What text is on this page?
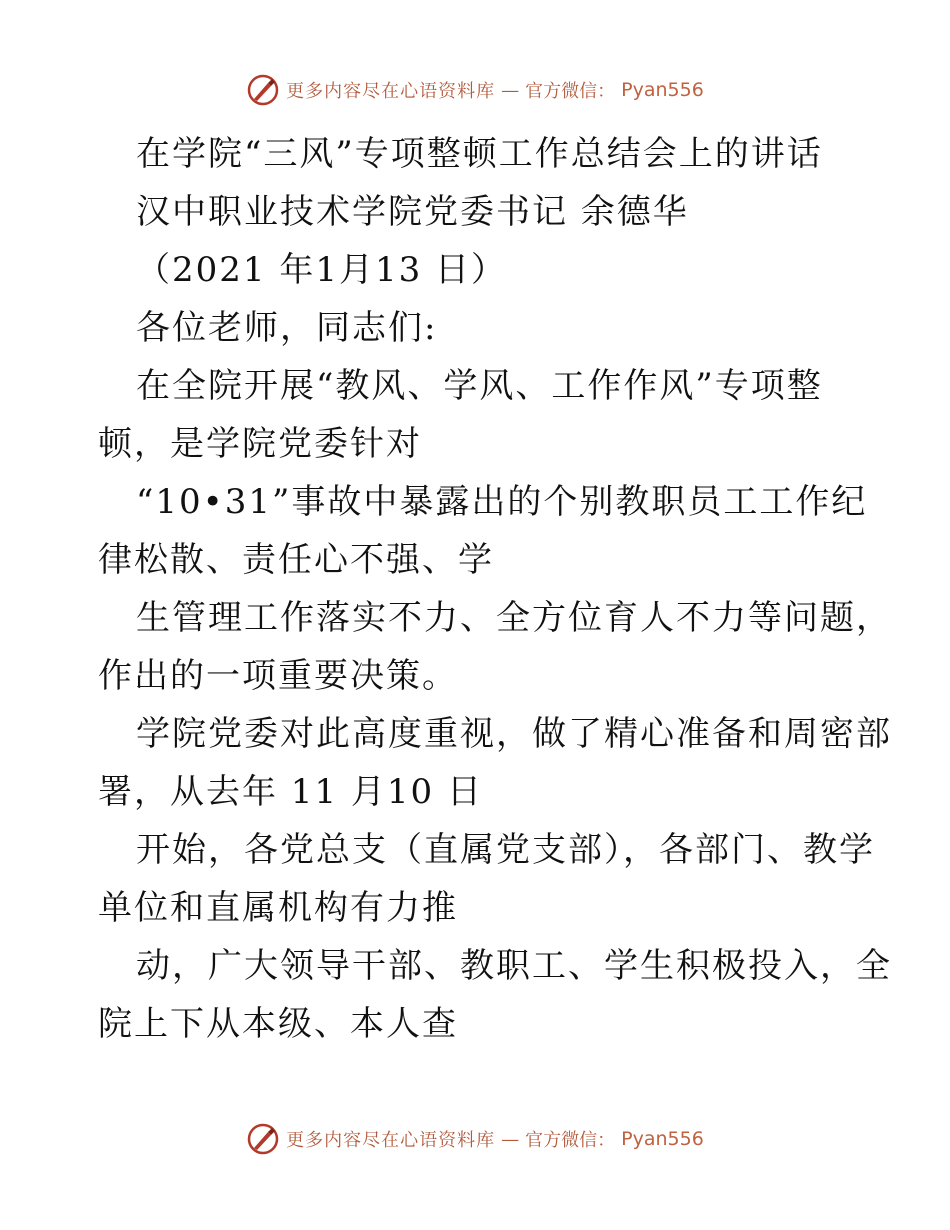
更多内容尽在心语资料库 — 官方微信： Pyan556
在学院“三风”专项整顿工作总结会上的讲话
汉中职业技术学院党委书记 余德华
（2021 年1月13 日）
各位老师，同志们:
在全院开展“教风、学风、工作作风”专项整
顿，是学院党委针对
“10•31”事故中暴露出的个别教职员工工作纪
律松散、责任心不强、学
生管理工作落实不力、全方位育人不力等问题，
作出的一项重要决策。
学院党委对此高度重视，做了精心准备和周密部
署，从去年 11 月10 日
开始，各党总支（直属党支部），各部门、教学
单位和直属机构有力推
动，广大领导干部、教职工、学生积极投入，全
院上下从本级、本人查
更多内容尽在心语资料库 — 官方微信： Pyan556
